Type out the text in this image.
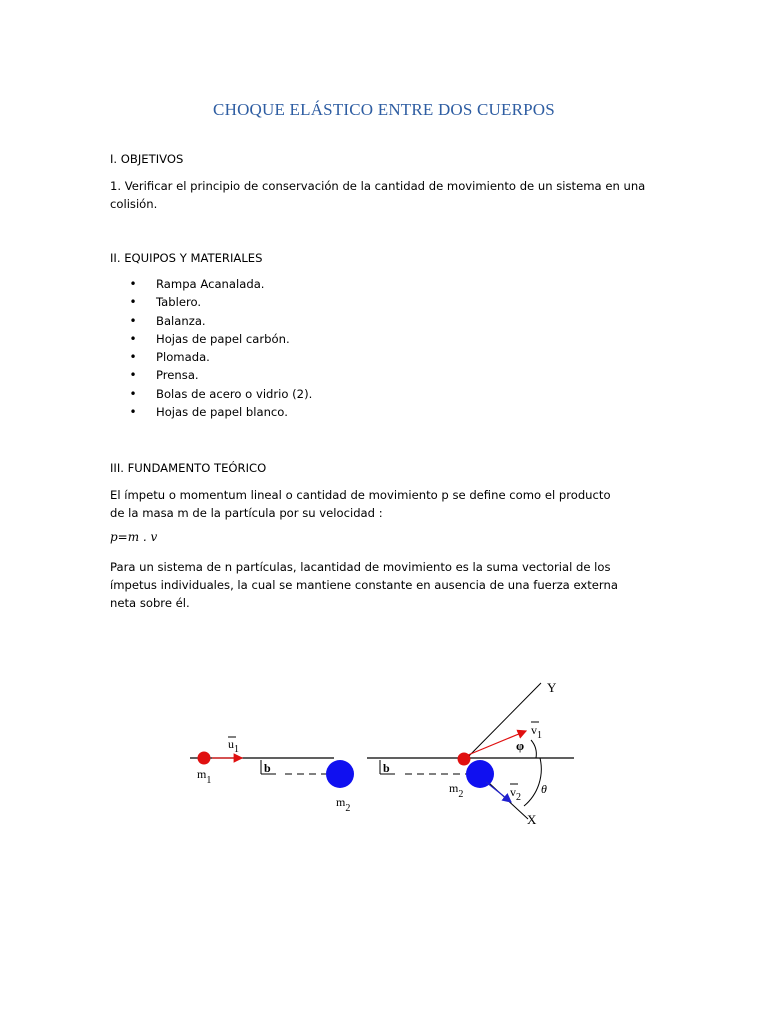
CHOQUE ELÁSTICO ENTRE DOS CUERPOS
I. OBJETIVOS
1. Verificar el principio de conservación de la cantidad de movimiento de un sistema en una
colisión.
II. EQUIPOS Y MATERIALES
• Rampa Acanalada.
• Tablero.
• Balanza.
• Hojas de papel carbón.
• Plomada.
• Prensa.
• Bolas de acero o vidrio (2).
• Hojas de papel blanco.
III. FUNDAMENTO TEÓRICO
El ímpetu o momentum lineal o cantidad de movimiento p se define como el producto
de la masa m de la partícula por su velocidad :
p=m . v
Para un sistema de n partículas, lacantidad de movimiento es la suma vectorial de los
ímpetus individuales, la cual se mantiene constante en ausencia de una fuerza externa
neta sobre él.
$u_1$
$m_1$
b
$m_2$
Y
X
$v_1$
$v_2$
φ
θ
b
$m_2$
